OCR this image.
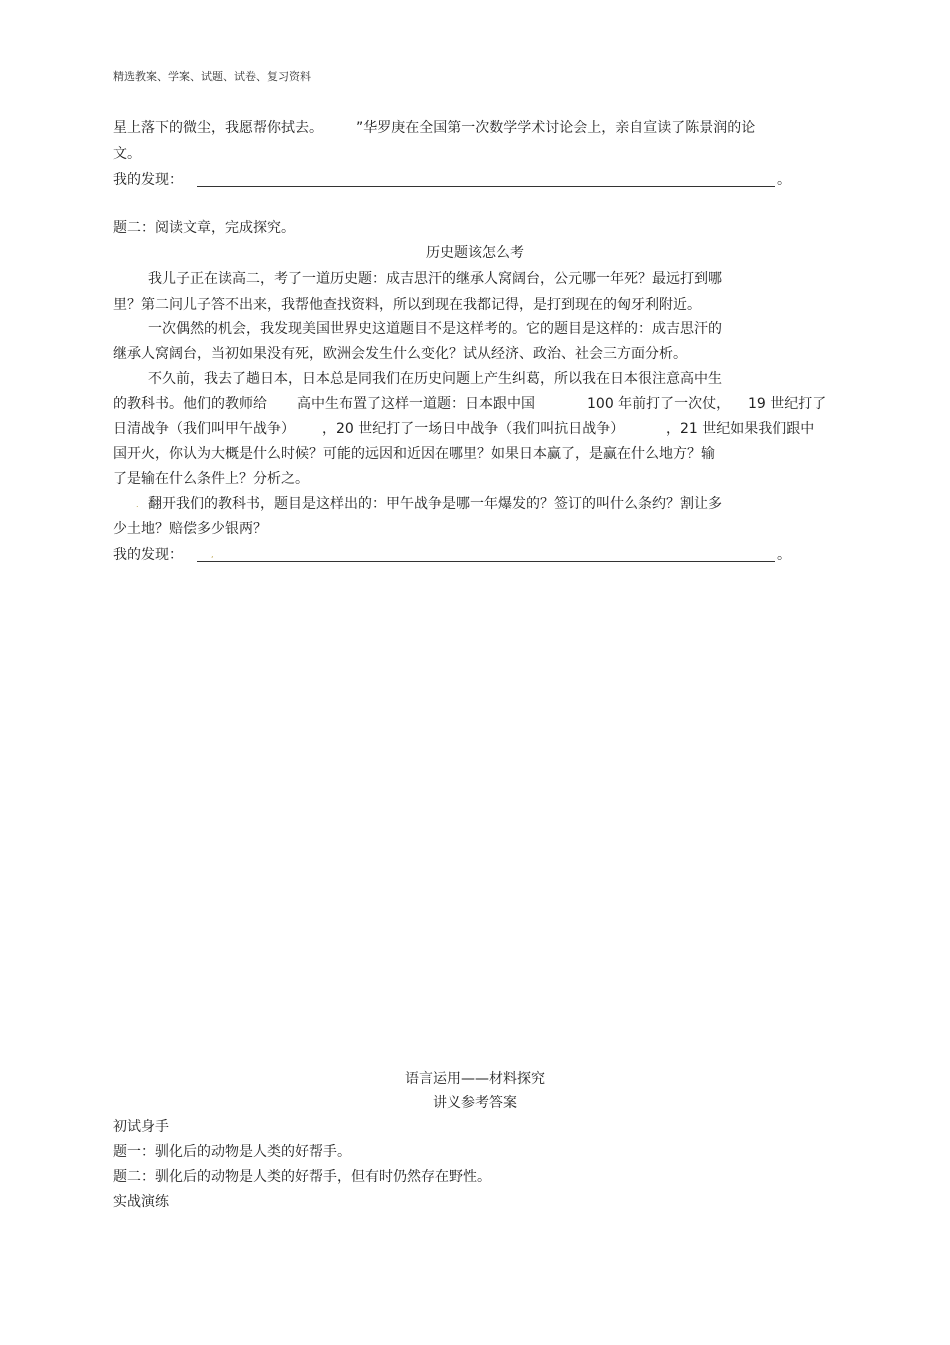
精选教案、学案、试题、试卷、复习资料
星上落下的微尘，我愿帮你拭去。 ”华罗庚在全国第一次数学学术讨论会上，亲自宣读了陈景润的论
文。
我的发现：	。
题二：阅读文章，完成探究。
历史题该怎么考
我儿子正在读高二，考了一道历史题：成吉思汗的继承人窝阔台，公元哪一年死？最远打到哪
里？第二问儿子答不出来，我帮他查找资料，所以到现在我都记得，是打到现在的匈牙利附近。
一次偶然的机会，我发现美国世界史这道题目不是这样考的。它的题目是这样的：成吉思汗的
继承人窝阔台，当初如果没有死，欧洲会发生什么变化？试从经济、政治、社会三方面分析。
不久前，我去了趟日本，日本总是同我们在历史问题上产生纠葛，所以我在日本很注意高中生
的教科书。他们的教师给 高中生布置了这样一道题：日本跟中国	100 年前打了一次仗， 19 世纪打了
日清战争（我们叫甲午战争） ，20 世纪打了一场日中战争（我们叫抗日战争）	，21 世纪如果我们跟中
国开火，你认为大概是什么时候？可能的远因和近因在哪里？如果日本赢了，是赢在什么地方？输
了是输在什么条件上？分析之。
. 翻开我们的教科书，题目是这样出的：甲午战争是哪一年爆发的？签订的叫什么条约？割让多
少土地？赔偿多少银两？
我的发现：	,	。
语言运用——材料探究
讲义参考答案
初试身手
题一：驯化后的动物是人类的好帮手。
题二：驯化后的动物是人类的好帮手，但有时仍然存在野性。
实战演练
